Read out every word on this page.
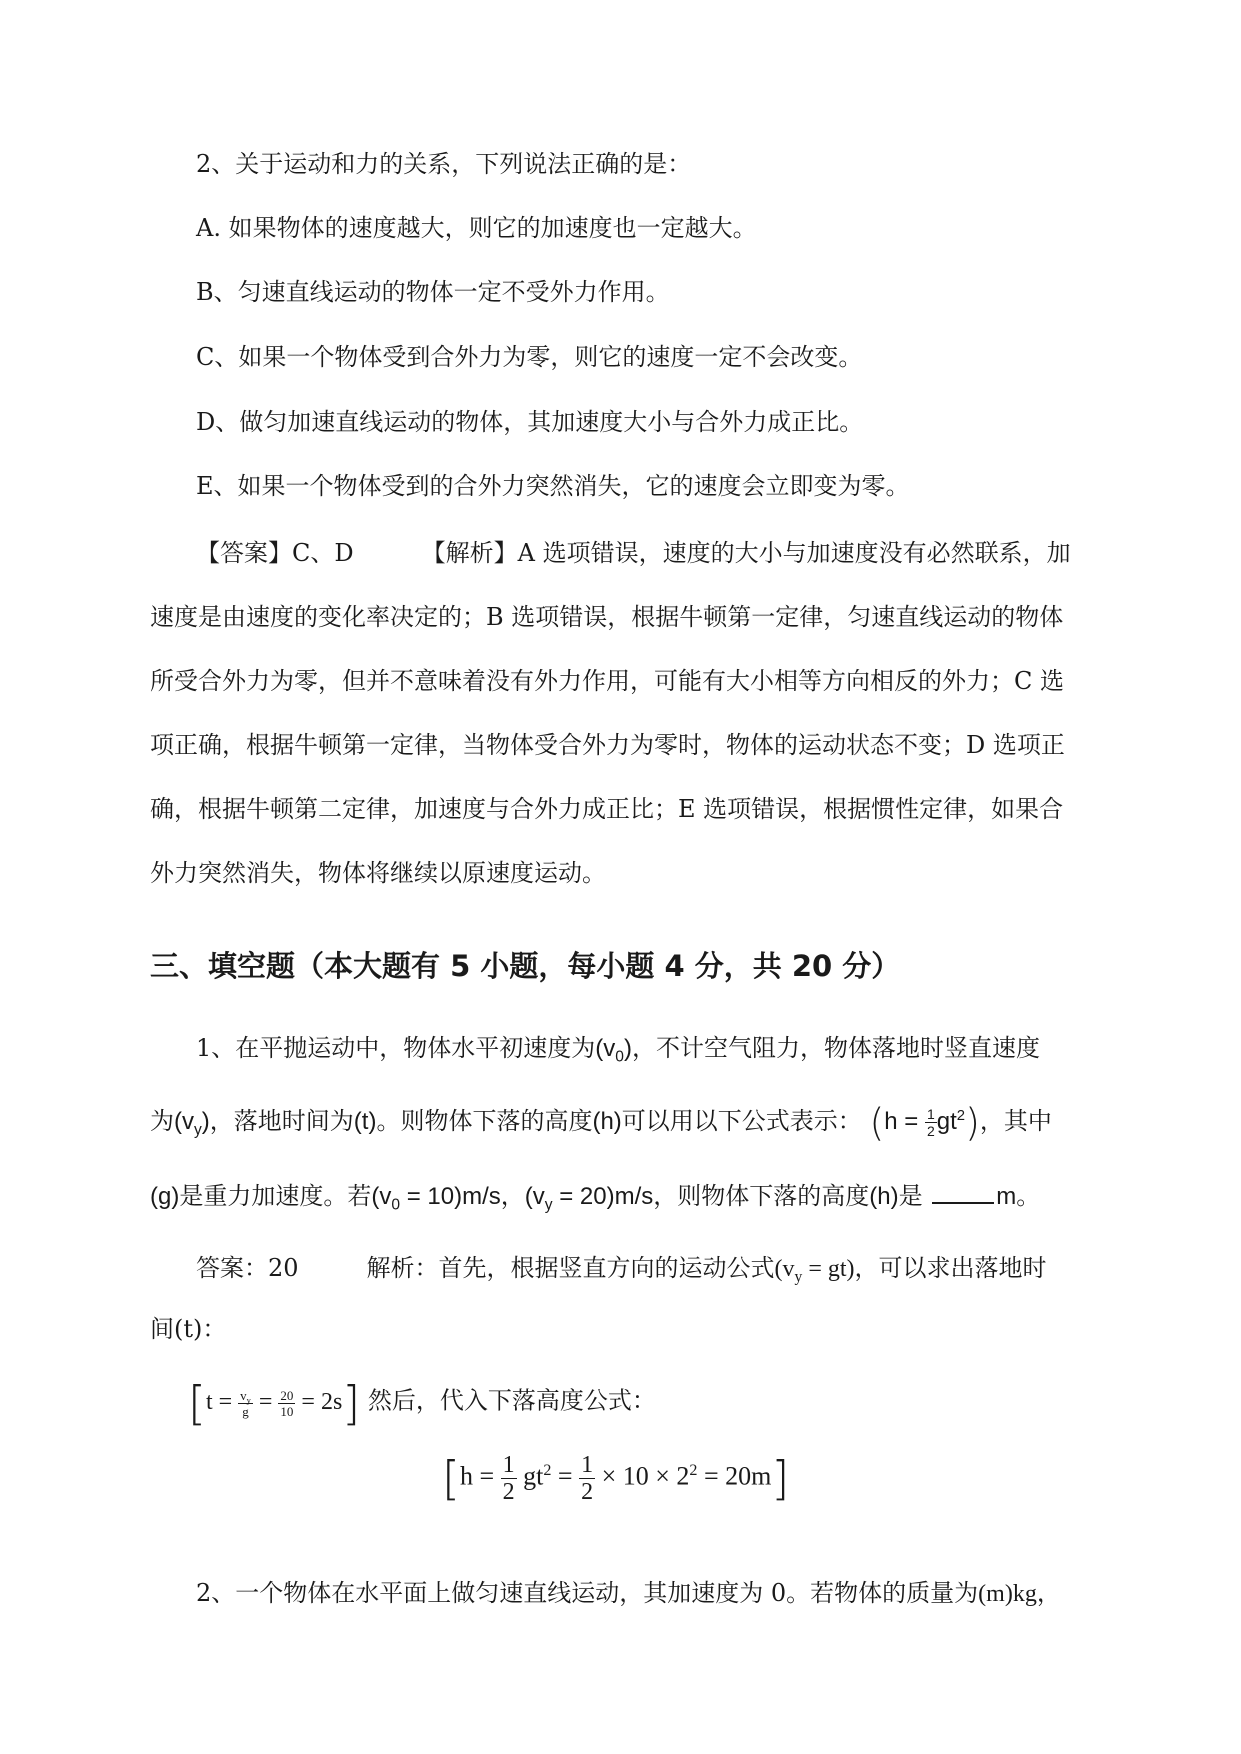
2、关于运动和力的关系，下列说法正确的是：
A. 如果物体的速度越大，则它的加速度也一定越大。
B、匀速直线运动的物体一定不受外力作用。
C、如果一个物体受到合外力为零，则它的速度一定不会改变。
D、做匀加速直线运动的物体，其加速度大小与合外力成正比。
E、如果一个物体受到的合外力突然消失，它的速度会立即变为零。
【答案】C、D	【解析】A 选项错误，速度的大小与加速度没有必然联系，加
速度是由速度的变化率决定的；B 选项错误，根据牛顿第一定律，匀速直线运动的物体
所受合外力为零，但并不意味着没有外力作用，可能有大小相等方向相反的外力；C 选
项正确，根据牛顿第一定律，当物体受合外力为零时，物体的运动状态不变；D 选项正
确，根据牛顿第二定律，加速度与合外力成正比；E 选项错误，根据惯性定律，如果合
外力突然消失，物体将继续以原速度运动。
三、填空题（本大题有 5 小题，每小题 4 分，共 20 分）
1、在平抛运动中，物体水平初速度为$(v_0)$，不计空气阻力，物体落地时竖直速度
为$(v_y)$，落地时间为(t)。则物体下落的高度(h)可以用以下公式表示： $(h = \frac{1}{2} gt^2)$，其中
(g)是重力加速度。若$(v_0 = 10)m/s$，$(v_y = 20)m/s$，则物体下落的高度(h)是	m。
答案：20	解析：首先，根据竖直方向的运动公式$(v_y = gt)$，可以求出落地时
间(t)：
$[t = \frac{v_y}{g} = \frac{20}{10} = 2s]$ 然后，代入下落高度公式：
$[h = \frac{1}{2} gt^2 = \frac{1}{2} \times 10 \times 2^2 = 20m]$
2、一个物体在水平面上做匀速直线运动，其加速度为 0。若物体的质量为(m)kg，
